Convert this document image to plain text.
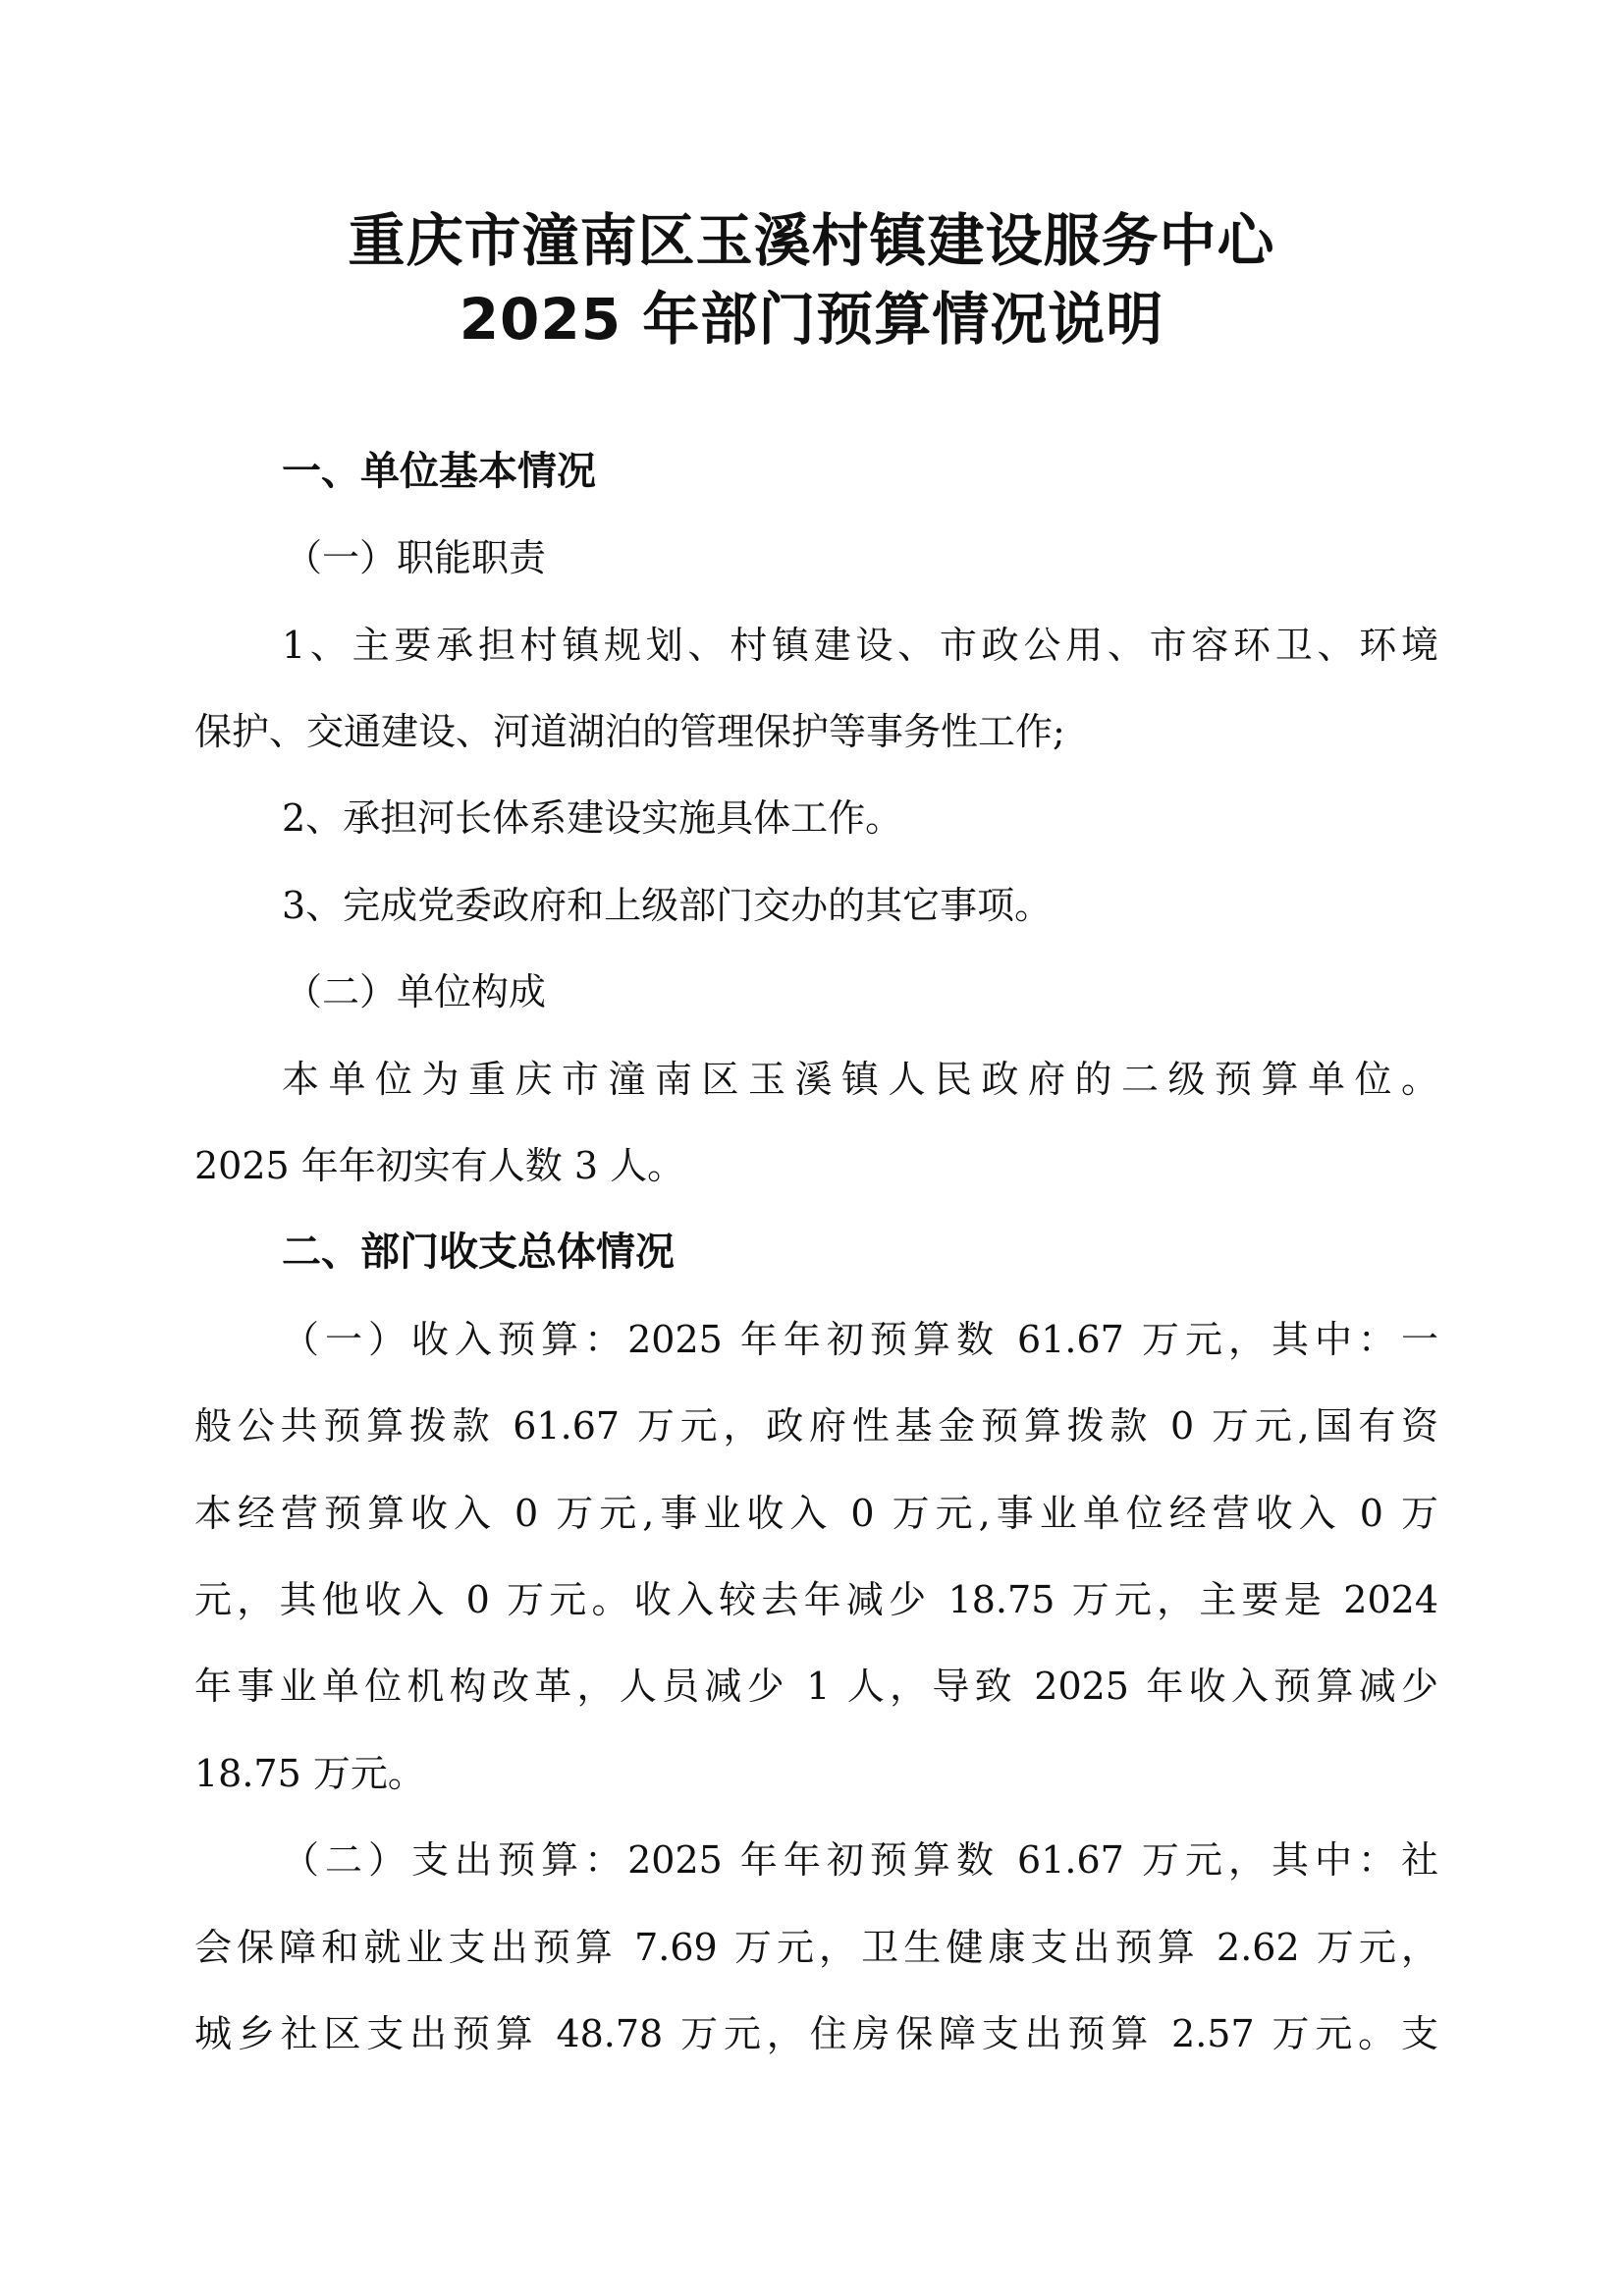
重庆市潼南区玉溪村镇建设服务中心
2025 年部门预算情况说明
一、单位基本情况
（一）职能职责
1、主要承担村镇规划、村镇建设、市政公用、市容环卫、环境
保护、交通建设、河道湖泊的管理保护等事务性工作;
2、承担河长体系建设实施具体工作。
3、完成党委政府和上级部门交办的其它事项。
（二）单位构成
本单位为重庆市潼南区玉溪镇人民政府的二级预算单位。
2025 年年初实有人数 3 人。
二、部门收支总体情况
（一）收入预算：2025 年年初预算数 61.67 万元，其中：一
般公共预算拨款 61.67 万元，政府性基金预算拨款 0 万元,国有资
本经营预算收入 0 万元,事业收入 0 万元,事业单位经营收入 0 万
元，其他收入 0 万元。收入较去年减少 18.75 万元，主要是 2024
年事业单位机构改革，人员减少 1 人，导致 2025 年收入预算减少
18.75 万元。
（二）支出预算：2025 年年初预算数 61.67 万元，其中：社
会保障和就业支出预算 7.69 万元，卫生健康支出预算 2.62 万元，
城乡社区支出预算 48.78 万元，住房保障支出预算 2.57 万元。支
